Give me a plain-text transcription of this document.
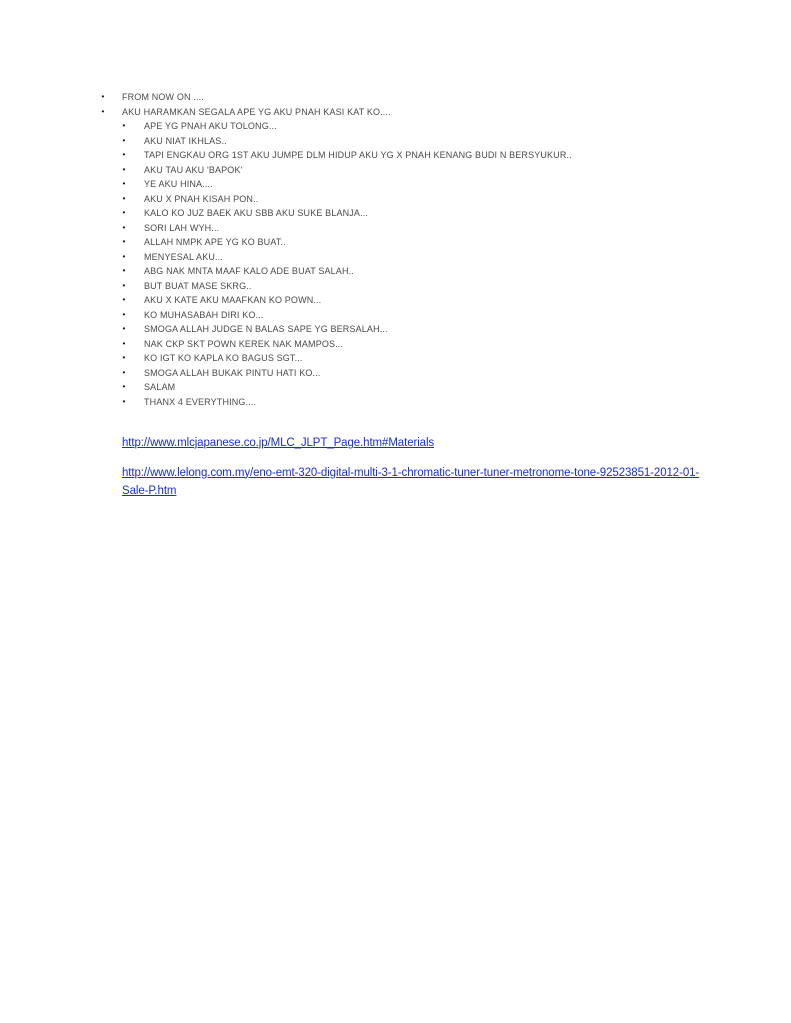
• FROM NOW ON ....
• AKU HARAMKAN SEGALA APE YG AKU PNAH KASI KAT KO....
• APE YG PNAH AKU TOLONG...
• AKU NIAT IKHLAS..
• TAPI ENGKAU ORG 1ST AKU JUMPE DLM HIDUP AKU YG X PNAH KENANG BUDI N BERSYUKUR..
• AKU TAU AKU 'BAPOK'
• YE AKU HINA....
• AKU X PNAH KISAH PON..
• KALO KO JUZ BAEK AKU SBB AKU SUKE BLANJA...
• SORI LAH WYH...
• ALLAH NMPK APE YG KO BUAT..
• MENYESAL AKU...
• ABG NAK MNTA MAAF KALO ADE BUAT SALAH..
• BUT BUAT MASE SKRG..
• AKU X KATE AKU MAAFKAN KO POWN...
• KO MUHASABAH DIRI KO...
• SMOGA ALLAH JUDGE N BALAS SAPE YG BERSALAH...
• NAK CKP SKT POWN KEREK NAK MAMPOS...
• KO IGT KO KAPLA KO BAGUS SGT...
• SMOGA ALLAH BUKAK PINTU HATI KO...
• SALAM
• THANX 4 EVERYTHING....
http://www.mlcjapanese.co.jp/MLC_JLPT_Page.htm#Materials
http://www.lelong.com.my/eno-emt-320-digital-multi-3-1-chromatic-tuner-tuner-metronome-tone-92523851-2012-01-Sale-P.htm
